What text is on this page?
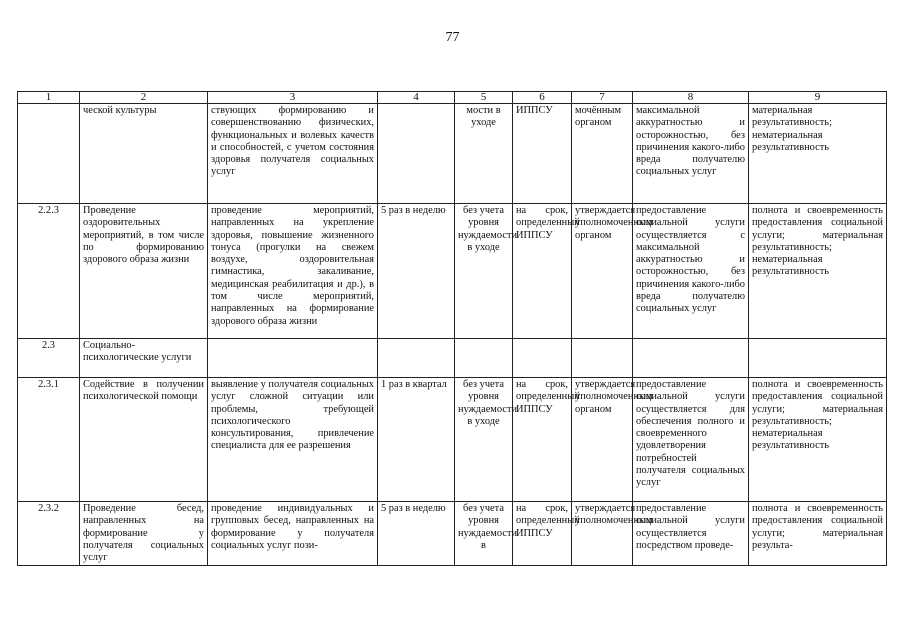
77
1	2	3	4	5	6	7	8	9
	ческой культуры	ствующих формированию и совершенствованию физических, функциональных и волевых качеств и способностей, с учетом состояния здоровья получателя социальных услуг		мости в уходе	ИППСУ	мочённым органом	максимальной аккуратностью и осторожностью, без причинения какого-либо вреда получателю социальных услуг	материальная результативность; нематериальная результативность
2.2.3	Проведение оздоровительных мероприятий, в том числе по формированию здорового образа жизни	проведение мероприятий, направленных на укрепление здоровья, повышение жизненного тонуса (прогулки на свежем воздухе, оздоровительная гимнастика, закаливание, медицинская реабилитация и др.), в том числе мероприятий, направленных на формирование здорового образа жизни	5 раз в неделю	без учета уровня нуждаемости в уходе	на срок, определенный ИППСУ	утверждается уполномоченным органом	предоставление социальной услуги осуществляется с максимальной аккуратностью и осторожностью, без причинения какого-либо вреда получателю социальных услуг	полнота и своевременность предоставления социальной услуги; материальная результативность; нематериальная результативность
2.3	Социально-психологические услуги							
2.3.1	Содействие в получении психологической помощи	выявление у получателя социальных услуг сложной ситуации или проблемы, требующей психологического консультирования, привлечение специалиста для ее разрешения	1 раз в квартал	без учета уровня нуждаемости в уходе	на срок, определенный ИППСУ	утверждается уполномоченным органом	предоставление социальной услуги осуществляется для обеспечения полного и своевременного удовлетворения потребностей получателя социальных услуг	полнота и своевременность предоставления социальной услуги; материальная результативность; нематериальная результативность
2.3.2	Проведение бесед, направленных на формирование у получателя социальных услуг	проведение индивидуальных и групповых бесед, направленных на формирование у получателя социальных услуг пози-	5 раз в неделю	без учета уровня нуждаемости в	на срок, определенный ИППСУ	утверждается уполномоченным	предоставление социальной услуги осуществляется посредством проведе-	полнота и своевременность предоставления социальной услуги; материальная результа-
